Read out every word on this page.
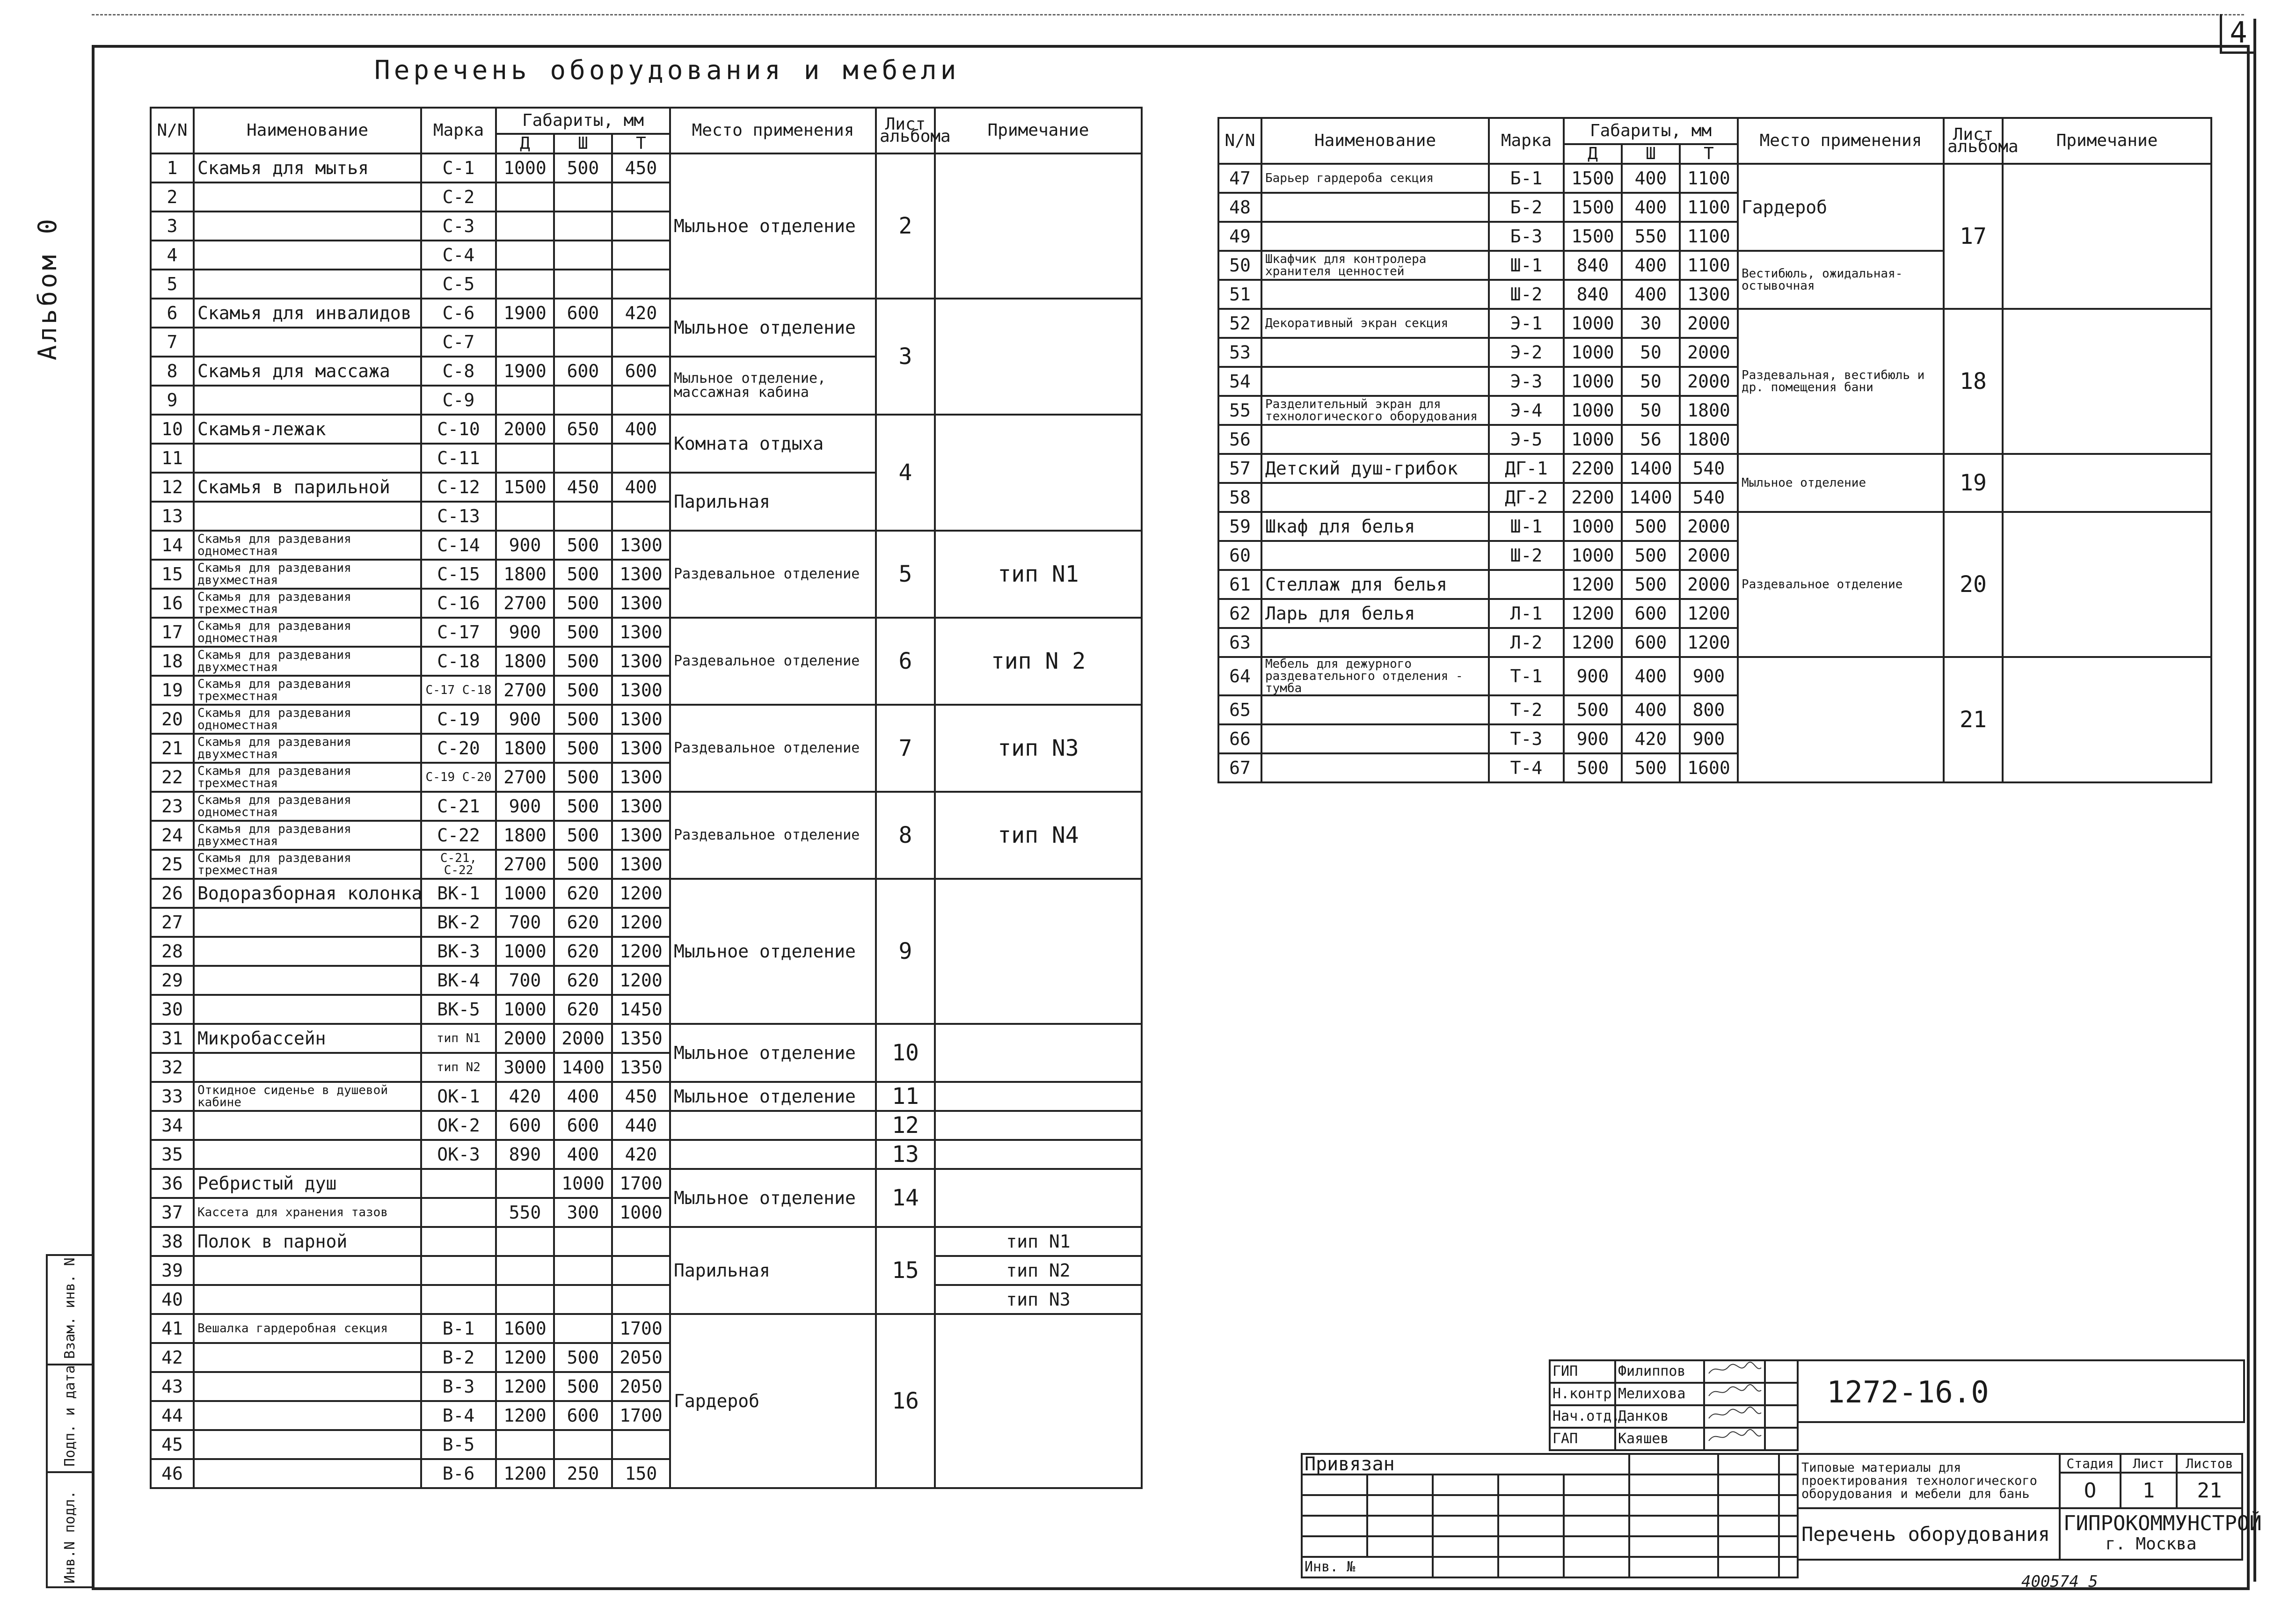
4
Альбом 0
Перечень оборудования и мебели
Инв.N подл.
Подп. и дата
Взам. инв. N
N/N	Наименование	Марка	Габариты, мм			Место применения	Лист альбома	Примечание
			Д	Ш	Т			
1	Скамья для мытья	С-1	1000	500	450	Мыльное отделение	2	
2		С-2						
3		С-3						
4		С-4						
5		С-5						
6	Скамья для инвалидов	С-6	1900	600	420	Мыльное отделение	3	
7		С-7						
8	Скамья для массажа	С-8	1900	600	600	Мыльное отделение, массажная кабина		
9		С-9						
10	Скамья-лежак	С-10	2000	650	400	Комната отдыха	4	
11		С-11						
12	Скамья в парильной	С-12	1500	450	400	Парильная		
13		С-13						
14	Скамья для раздевания одноместная	С-14	900	500	1300	Раздевальное отделение	5	тип N1
15	Скамья для раздевания двухместная	С-15	1800	500	1300			
16	Скамья для раздевания трехместная	С-16	2700	500	1300			
17	Скамья для раздевания одноместная	С-17	900	500	1300	Раздевальное отделение	6	тип N 2
18	Скамья для раздевания двухместная	С-18	1800	500	1300			
19	Скамья для раздевания трехместная	С-17 С-18	2700	500	1300			
20	Скамья для раздевания одноместная	С-19	900	500	1300	Раздевальное отделение	7	тип N3
21	Скамья для раздевания двухместная	С-20	1800	500	1300			
22	Скамья для раздевания трехместная	С-19 С-20	2700	500	1300			
23	Скамья для раздевания одноместная	С-21	900	500	1300	Раздевальное отделение	8	тип N4
24	Скамья для раздевания двухместная	С-22	1800	500	1300			
25	Скамья для раздевания трехместная	С-21, С-22	2700	500	1300			
26	Водоразборная колонка	ВК-1	1000	620	1200	Мыльное отделение	9	
27		ВК-2	700	620	1200			
28		ВК-3	1000	620	1200			
29		ВК-4	700	620	1200			
30		ВК-5	1000	620	1450			
31	Микробассейн	тип N1	2000	2000	1350	Мыльное отделение	10	
32		тип N2	3000	1400	1350			
33	Откидное сиденье в душевой кабине	ОК-1	420	400	450	Мыльное отделение	11	
34		ОК-2	600	600	440		12	
35		ОК-3	890	400	420		13	
36	Ребристый душ			1000	1700	Мыльное отделение	14	
37	Кассета для хранения тазов		550	300	1000			
38	Полок в парной					Парильная	15	тип N1
39								тип N2
40								тип N3
41	Вешалка гардеробная секция	В-1	1600		1700	Гардероб	16	
42		В-2	1200	500	2050			
43		В-3	1200	500	2050			
44		В-4	1200	600	1700			
45		В-5						
46		В-6	1200	250	150			
N/N	Наименование	Марка	Габариты, мм			Место применения	Лист альбома	Примечание
			Д	Ш	Т			
47	Барьер гардероба секция	Б-1	1500	400	1100	Гардероб	17	
48		Б-2	1500	400	1100			
49		Б-3	1500	550	1100			
50	Шкафчик для контролера хранителя ценностей	Ш-1	840	400	1100	Вестибюль, ожидальная-остывочная		
51		Ш-2	840	400	1300			
52	Декоративный экран секция	Э-1	1000	30	2000	Раздевальная, вестибюль и др. помещения бани	18	
53		Э-2	1000	50	2000			
54		Э-3	1000	50	2000			
55	Разделительный экран для технологического оборудования	Э-4	1000	50	1800			
56		Э-5	1000	56	1800			
57	Детский душ-грибок	ДГ-1	2200	1400	540	Мыльное отделение	19	
58		ДГ-2	2200	1400	540			
59	Шкаф для белья	Ш-1	1000	500	2000	Раздевальное отделение	20	
60		Ш-2	1000	500	2000			
61	Стеллаж для белья		1200	500	2000			
62	Ларь для белья	Л-1	1200	600	1200			
63		Л-2	1200	600	1200			
64	Мебель для дежурного раздевательного отделения - тумба	Т-1	900	400	900		21	
65		Т-2	500	400	800			
66		Т-3	900	420	900			
67		Т-4	500	500	1600			
ГИП	Филиппов		
Н.контр	Мелихова		
Нач.отд.	Данков		
ГАП	Каяшев		
1272-16.0
Привязан							

Инв. №							
Типовые материалы для проектирования технологического оборудования и мебели для бань	Стадия	Лист	Листов
	О	1	21

Перечень оборудования	ГИПРОКОММУНСТРОЙ
г. Москва		
400574 5
